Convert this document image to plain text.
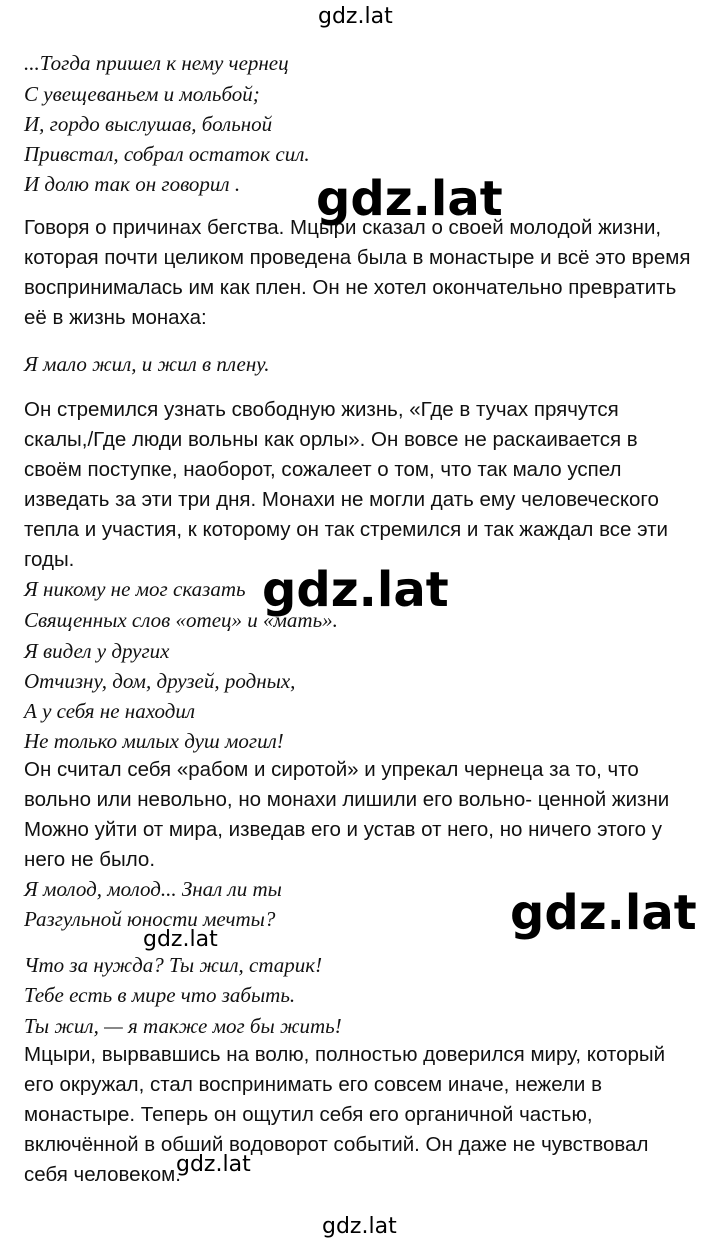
...Тогда пришел к нему чернец
С увещеваньем и мольбой;
И, гордо выслушав, больной
Привстал, собрал остаток сил.
И долю так он говорил .
Говоря о причинах бегства. Мцыри сказал о своей молодой жизни,
которая почти целиком проведена была в монастыре и всё это время
воспринималась им как плен. Он не хотел окончательно превратить
её в жизнь монаха:
Я мало жил, и жил в плену.
Он стремился узнать свободную жизнь, «Где в тучах прячутся
скалы,/Где люди вольны как орлы». Он вовсе не раскаивается в
своём поступке, наоборот, сожалеет о том, что так мало успел
изведать за эти три дня. Монахи не могли дать ему человеческого
тепла и участия, к которому он так стремился и так жаждал все эти
годы.
Я никому не мог сказать
Священных слов «отец» и «мать».
Я видел у других
Отчизну, дом, друзей, родных,
А у себя не находил
Не только милых душ могил!
Он считал себя «рабом и сиротой» и упрекал чернеца за то, что
вольно или невольно, но монахи лишили его вольно- ценной жизни
Можно уйти от мира, изведав его и устав от него, но ничего этого у
него не было.
Я молод, молод... Знал ли ты
Разгульной юности мечты?
Что за нужда? Ты жил, старик!
Тебе есть в мире что забыть.
Ты жил, — я также мог бы жить!
Мцыри, вырвавшись на волю, полностью доверился миру, который
его окружал, стал воспринимать его совсем иначе, нежели в
монастыре. Теперь он ощутил себя его органичной частью,
включённой в обший водоворот событий. Он даже не чувствовал
себя человеком.
gdz.lat
gdz.lat
gdz.lat
gdz.lat
gdz.lat
gdz.lat
gdz.lat
